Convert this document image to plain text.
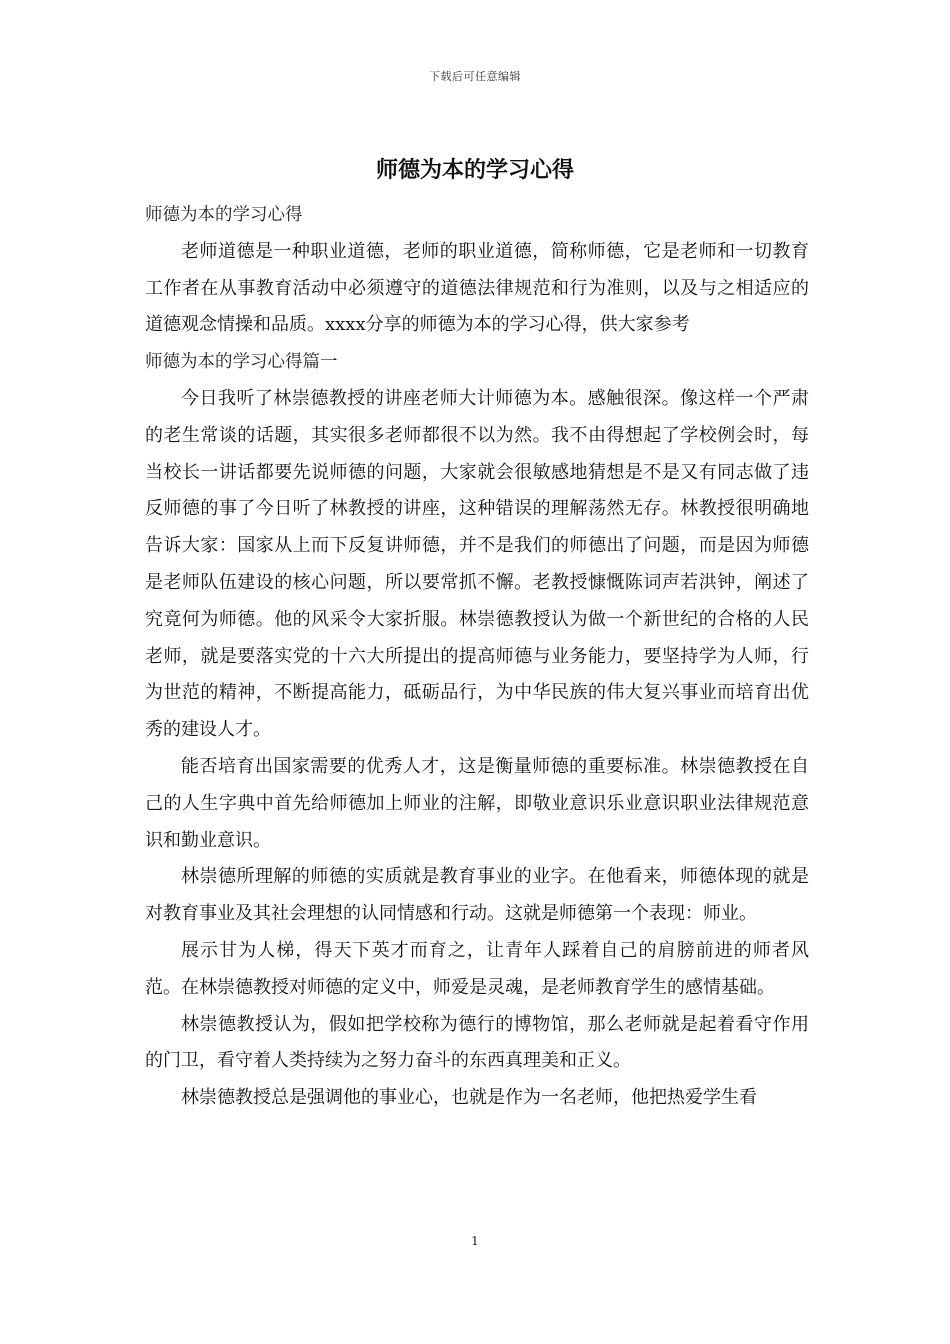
下载后可任意编辑
师德为本的学习心得
师德为本的学习心得

老师道德是一种职业道德，老师的职业道德，简称师德，它是老师和一切教育工作者在从事教育活动中必须遵守的道德法律规范和行为准则，以及与之相适应的道德观念情操和品质。xxxx分享的师德为本的学习心得，供大家参考

师德为本的学习心得篇一

今日我听了林崇德教授的讲座老师大计师德为本。感触很深。像这样一个严肃的老生常谈的话题，其实很多老师都很不以为然。我不由得想起了学校例会时，每当校长一讲话都要先说师德的问题，大家就会很敏感地猜想是不是又有同志做了违反师德的事了今日听了林教授的讲座，这种错误的理解荡然无存。林教授很明确地告诉大家：国家从上而下反复讲师德，并不是我们的师德出了问题，而是因为师德是老师队伍建设的核心问题，所以要常抓不懈。老教授慷慨陈词声若洪钟，阐述了究竟何为师德。他的风采令大家折服。林崇德教授认为做一个新世纪的合格的人民老师，就是要落实党的十六大所提出的提高师德与业务能力，要坚持学为人师，行为世范的精神，不断提高能力，砥砺品行，为中华民族的伟大复兴事业而培育出优秀的建设人才。

能否培育出国家需要的优秀人才，这是衡量师德的重要标准。林崇德教授在自己的人生字典中首先给师德加上师业的注解，即敬业意识乐业意识职业法律规范意识和勤业意识。

林崇德所理解的师德的实质就是教育事业的业字。在他看来，师德体现的就是对教育事业及其社会理想的认同情感和行动。这就是师德第一个表现：师业。

展示甘为人梯，得天下英才而育之，让青年人踩着自己的肩膀前进的师者风范。在林崇德教授对师德的定义中，师爱是灵魂，是老师教育学生的感情基础。

林崇德教授认为，假如把学校称为德行的博物馆，那么老师就是起着看守作用的门卫，看守着人类持续为之努力奋斗的东西真理美和正义。

林崇德教授总是强调他的事业心，也就是作为一名老师，他把热爱学生看

1
